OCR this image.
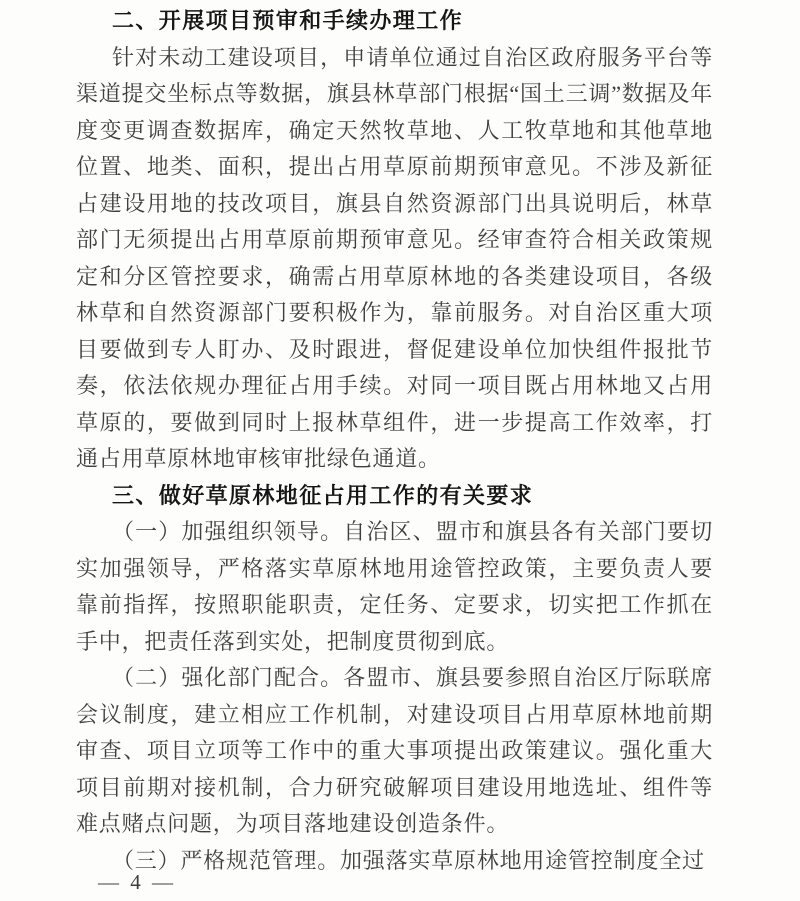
二、开展项目预审和手续办理工作
针对未动工建设项目，申请单位通过自治区政府服务平台等渠道提交坐标点等数据，旗县林草部门根据“国土三调”数据及年度变更调查数据库，确定天然牧草地、人工牧草地和其他草地位置、地类、面积，提出占用草原前期预审意见。不涉及新征占建设用地的技改项目，旗县自然资源部门出具说明后，林草部门无须提出占用草原前期预审意见。经审查符合相关政策规定和分区管控要求，确需占用草原林地的各类建设项目，各级林草和自然资源部门要积极作为，靠前服务。对自治区重大项目要做到专人盯办、及时跟进，督促建设单位加快组件报批节奏，依法依规办理征占用手续。对同一项目既占用林地又占用草原的，要做到同时上报林草组件，进一步提高工作效率，打通占用草原林地审核审批绿色通道。
三、做好草原林地征占用工作的有关要求
（一）加强组织领导。自治区、盟市和旗县各有关部门要切实加强领导，严格落实草原林地用途管控政策，主要负责人要靠前指挥，按照职能职责，定任务、定要求，切实把工作抓在手中，把责任落到实处，把制度贯彻到底。
（二）强化部门配合。各盟市、旗县要参照自治区厅际联席会议制度，建立相应工作机制，对建设项目占用草原林地前期审查、项目立项等工作中的重大事项提出政策建议。强化重大项目前期对接机制，合力研究破解项目建设用地选址、组件等难点赌点问题，为项目落地建设创造条件。
（三）严格规范管理。加强落实草原林地用途管控制度全过
— 4 —
